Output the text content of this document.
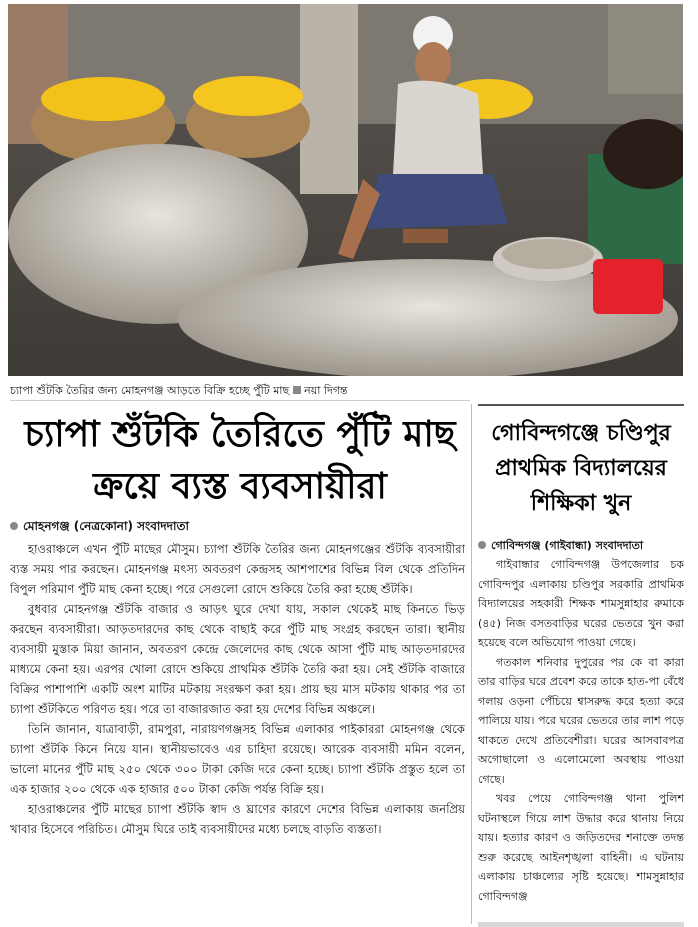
চ্যাপা শুঁটকি তৈরির জন্য মোহনগঞ্জ আড়তে বিক্রি হচ্ছে পুঁটি মাছ নয়া দিগন্ত
চ্যাপা শুঁটকি তৈরিতে পুঁটি মাছ ক্রয়ে ব্যস্ত ব্যবসায়ীরা
মোহনগঞ্জ (নেত্রকোনা) সংবাদদাতা

হাওরাঞ্চলে এখন পুঁটি মাছের মৌসুম। চ্যাপা শুঁটকি তৈরির জন্য মোহনগঞ্জের শুঁটকি ব্যবসায়ীরা ব্যস্ত সময় পার করছেন। মোহনগঞ্জ মৎস্য অবতরণ কেন্দ্রসহ আশপাশের বিভিন্ন বিল থেকে প্রতিদিন বিপুল পরিমাণ পুঁটি মাছ কেনা হচ্ছে। পরে সেগুলো রোদে শুকিয়ে তৈরি করা হচ্ছে শুঁটকি।

বুধবার মোহনগঞ্জ শুঁটকি বাজার ও আড়ৎ ঘুরে দেখা যায়, সকাল থেকেই মাছ কিনতে ভিড় করছেন ব্যবসায়ীরা। আড়তদারদের কাছ থেকে বাছাই করে পুঁটি মাছ সংগ্রহ করছেন তারা। স্থানীয় ব্যবসায়ী মুস্তাক মিয়া জানান, অবতরণ কেন্দ্রে জেলেদের কাছ থেকে আসা পুঁটি মাছ আড়তদারদের মাধ্যমে কেনা হয়। এরপর খোলা রোদে শুকিয়ে প্রাথমিক শুঁটকি তৈরি করা হয়। সেই শুঁটকি বাজারে বিক্রির পাশাপাশি একটি অংশ মাটির মটকায় সংরক্ষণ করা হয়। প্রায় ছয় মাস মটকায় থাকার পর তা চ্যাপা শুঁটকিতে পরিণত হয়। পরে তা বাজারজাত করা হয় দেশের বিভিন্ন অঞ্চলে।

তিনি জানান, যাত্রাবাড়ী, রামপুরা, নারায়ণগঞ্জসহ বিভিন্ন এলাকার পাইকাররা মোহনগঞ্জ থেকে চ্যাপা শুঁটকি কিনে নিয়ে যান। স্থানীয়ভাবেও এর চাহিদা রয়েছে। আরেক ব্যবসায়ী মমিন বলেন, ভালো মানের পুঁটি মাছ ২৫০ থেকে ৩০০ টাকা কেজি দরে কেনা হচ্ছে। চ্যাপা শুঁটকি প্রস্তুত হলে তা এক হাজার ২০০ থেকে এক হাজার ৫০০ টাকা কেজি পর্যন্ত বিক্রি হয়।

হাওরাঞ্চলের পুঁটি মাছের চ্যাপা শুঁটকি স্বাদ ও ঘ্রাণের কারণে দেশের বিভিন্ন এলাকায় জনপ্রিয় খাবার হিসেবে পরিচিত। মৌসুম ঘিরে তাই ব্যবসায়ীদের মধ্যে চলছে বাড়তি ব্যস্ততা।

গোবিন্দগঞ্জে চণ্ডিপুর প্রাথমিক বিদ্যালয়ের শিক্ষিকা খুন
গোবিন্দগঞ্জ (গাইবান্ধা) সংবাদদাতা

গাইবান্ধার গোবিন্দগঞ্জ উপজেলার চক গোবিন্দপুর এলাকায় চণ্ডিপুর সরকারি প্রাথমিক বিদ্যালয়ের সহকারী শিক্ষক শামসুন্নাহার রুমাকে (৪৫) নিজ বসতবাড়ির ঘরের ভেতরে খুন করা হয়েছে বলে অভিযোগ পাওয়া গেছে।

গতকাল শনিবার দুপুরের পর কে বা কারা তার বাড়ির ঘরে প্রবেশ করে তাকে হাত-পা বেঁধে গলায় ওড়না পেঁচিয়ে শ্বাসরুদ্ধ করে হত্যা করে পালিয়ে যায়। পরে ঘরের ভেতরে তার লাশ পড়ে থাকতে দেখে প্রতিবেশীরা। ঘরের আসবাবপত্র অগোছালো ও এলোমেলো অবস্থায় পাওয়া গেছে।

খবর পেয়ে গোবিন্দগঞ্জ থানা পুলিশ ঘটনাস্থলে গিয়ে লাশ উদ্ধার করে থানায় নিয়ে যায়। হত্যার কারণ ও জড়িতদের শনাক্তে তদন্ত শুরু করেছে আইনশৃঙ্খলা বাহিনী। এ ঘটনায় এলাকায় চাঞ্চল্যের সৃষ্টি হয়েছে। শামসুন্নাহার গোবিন্দগঞ্জ
